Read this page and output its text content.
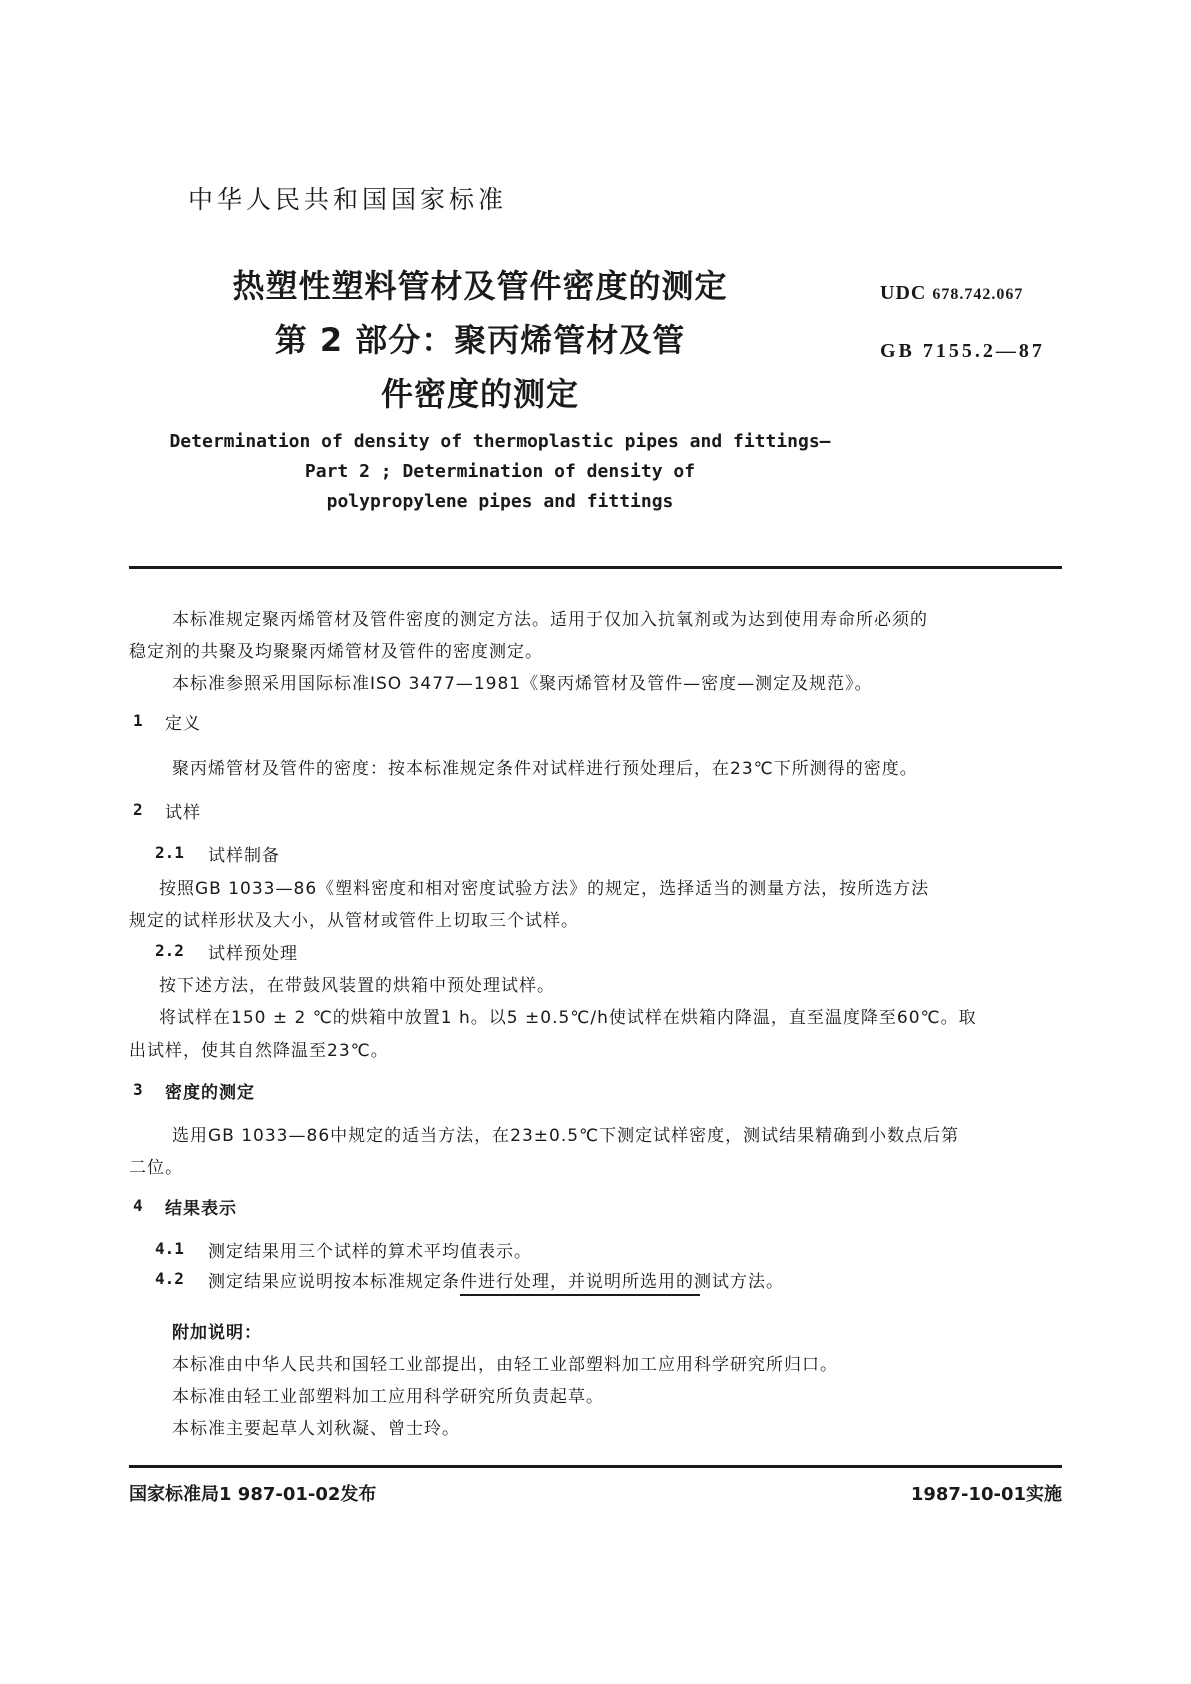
中华人民共和国国家标准
热塑性塑料管材及管件密度的测定
第 2 部分：聚丙烯管材及管
件密度的测定
UDC 678.742.067
GB 7155.2—87
Determination of density of thermoplastic pipes and fittings—
Part 2 ; Determination of density of
polypropylene pipes and fittings
本标准规定聚丙烯管材及管件密度的测定方法。适用于仅加入抗氧剂或为达到使用寿命所必须的
稳定剂的共聚及均聚聚丙烯管材及管件的密度测定。
本标准参照采用国际标准ISO 3477—1981《聚丙烯管材及管件—密度—测定及规范》。
1 定义
聚丙烯管材及管件的密度：按本标准规定条件对试样进行预处理后，在23℃下所测得的密度。
2 试样
2.1 试样制备
按照GB 1033—86《塑料密度和相对密度试验方法》的规定，选择适当的测量方法，按所选方法
规定的试样形状及大小，从管材或管件上切取三个试样。
2.2 试样预处理
按下述方法，在带鼓风装置的烘箱中预处理试样。
将试样在150 ± 2 ℃的烘箱中放置1 h。以5 ±0.5℃/h使试样在烘箱内降温，直至温度降至60℃。取
出试样，使其自然降温至23℃。
3 密度的测定
选用GB 1033—86中规定的适当方法，在23±0.5℃下测定试样密度，测试结果精确到小数点后第
二位。
4 结果表示
4.1 测定结果用三个试样的算术平均值表示。
4.2 测定结果应说明按本标准规定条件进行处理，并说明所选用的测试方法。
附加说明：
本标准由中华人民共和国轻工业部提出，由轻工业部塑料加工应用科学研究所归口。
本标准由轻工业部塑料加工应用科学研究所负责起草。
本标准主要起草人刘秋凝、曾士玲。
国家标准局1 987-01-02发布	1987-10-01实施
